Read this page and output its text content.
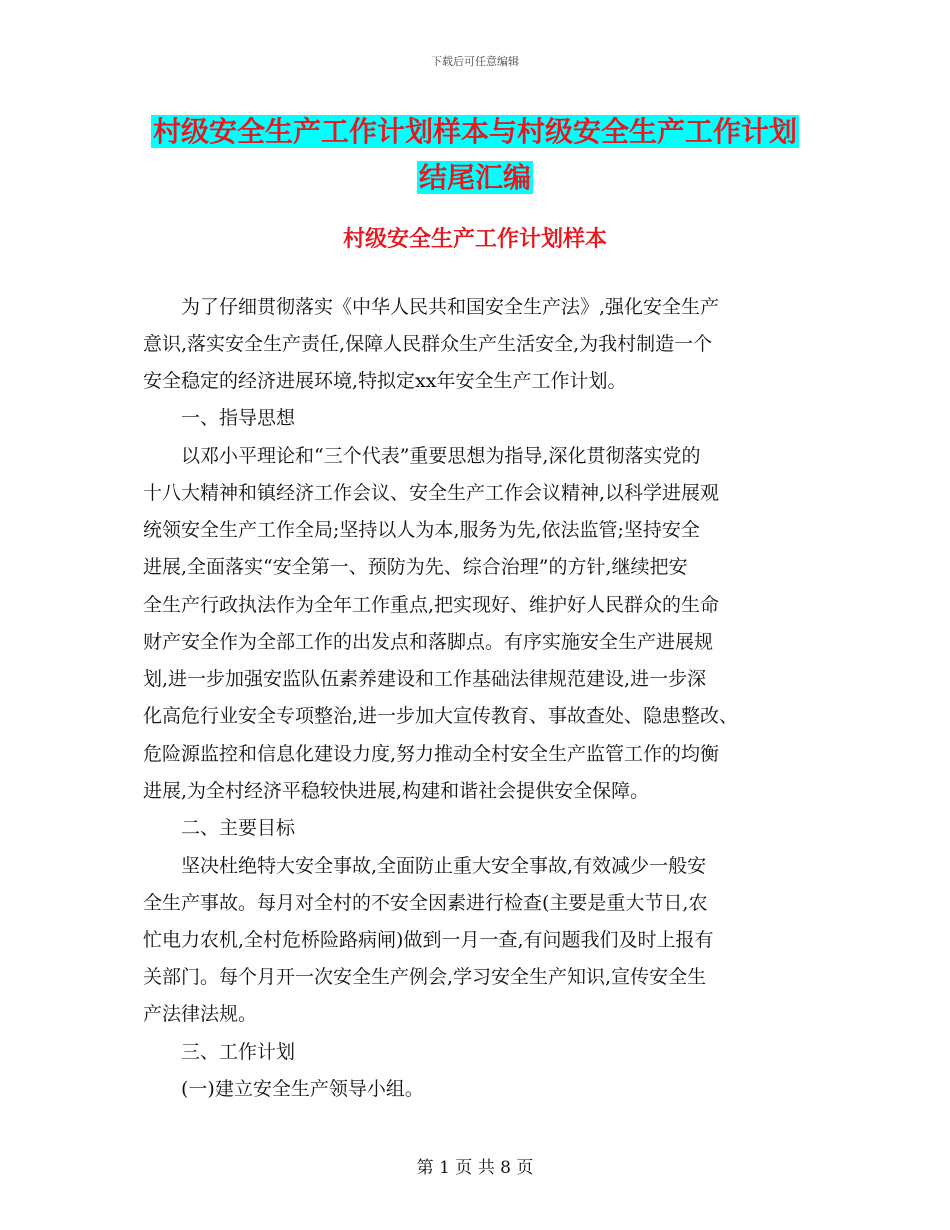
下载后可任意编辑
村级安全生产工作计划样本与村级安全生产工作计划
结尾汇编
村级安全生产工作计划样本
　　为了仔细贯彻落实《中华人民共和国安全生产法》,强化安全生产
意识,落实安全生产责任,保障人民群众生产生活安全,为我村制造一个
安全稳定的经济进展环境,特拟定xx年安全生产工作计划。
　　一、指导思想
　　以邓小平理论和“三个代表”重要思想为指导,深化贯彻落实党的
十八大精神和镇经济工作会议、安全生产工作会议精神,以科学进展观
统领安全生产工作全局;坚持以人为本,服务为先,依法监管;坚持安全
进展,全面落实“安全第一、预防为先、综合治理”的方针,继续把安
全生产行政执法作为全年工作重点,把实现好、维护好人民群众的生命
财产安全作为全部工作的出发点和落脚点。有序实施安全生产进展规
划,进一步加强安监队伍素养建设和工作基础法律规范建设,进一步深
化高危行业安全专项整治,进一步加大宣传教育、事故查处、隐患整改、
危险源监控和信息化建设力度,努力推动全村安全生产监管工作的均衡
进展,为全村经济平稳较快进展,构建和谐社会提供安全保障。
　　二、主要目标
　　坚决杜绝特大安全事故,全面防止重大安全事故,有效减少一般安
全生产事故。每月对全村的不安全因素进行检查(主要是重大节日,农
忙电力农机,全村危桥险路病闸)做到一月一查,有问题我们及时上报有
关部门。每个月开一次安全生产例会,学习安全生产知识,宣传安全生
产法律法规。
　　三、工作计划
　　(一)建立安全生产领导小组。
第 1 页 共 8 页
